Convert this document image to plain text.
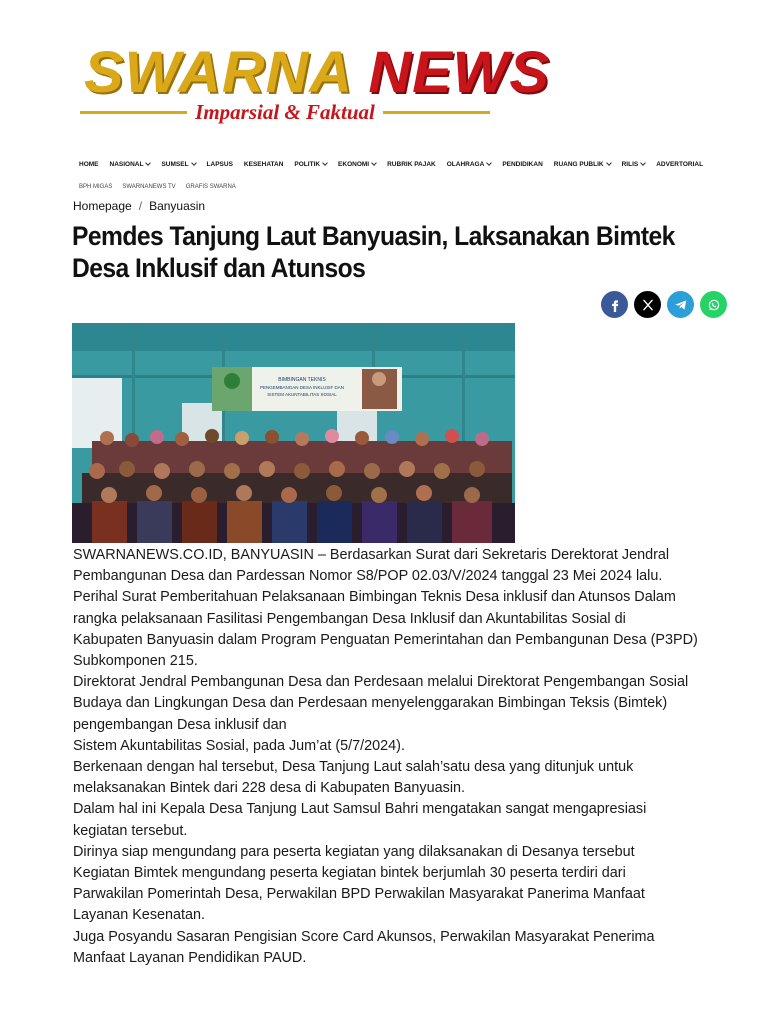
SWARNA NEWS
Imparsial & Faktual
HOME NASIONAL	SUMSEL	LAPSUS KESEHATAN POLITIK	EKONOMI	RUBRIK PAJAK OLAHRAGA	PENDIDIKAN RUANG PUBLIK	RILIS	ADVERTORIAL
BPH MIGAS SWARNANEWS TV GRAFIS SWARNA
Homepage / Banyuasin
Pemdes Tanjung Laut Banyuasin, Laksanakan Bimtek Desa Inklusif dan Atunsos
BIMBINGAN TEKNIS
PENGEMBANGAN DESA INKLUSIF DAN
SISTEM AKUNTABILITAS SOSIAL

SWARNANEWS.CO.ID, BANYUASIN – Berdasarkan Surat dari Sekretaris Derektorat Jendral Pembangunan Desa dan Pardessan Nomor S8/POP 02.03/V/2024 tanggal 23 Mei 2024 lalu. Perihal Surat Pemberitahuan Pelaksanaan Bimbingan Teknis Desa inklusif dan Atunsos Dalam rangka pelaksanaan Fasilitasi Pengembangan Desa Inklusif dan Akuntabilitas Sosial di Kabupaten Banyuasin dalam Program Penguatan Pemerintahan dan Pembangunan Desa (P3PD) Subkomponen 215.

Direktorat Jendral Pembangunan Desa dan Perdesaan melalui Direktorat Pengembangan Sosial Budaya dan Lingkungan Desa dan Perdesaan menyelenggarakan Bimbingan Teksis (Bimtek) pengembangan Desa inklusif dan

Sistem Akuntabilitas Sosial, pada Jum’at (5/7/2024).

Berkenaan dengan hal tersebut, Desa Tanjung Laut salah’satu desa yang ditunjuk untuk melaksanakan Bintek dari 228 desa di Kabupaten Banyuasin.

Dalam hal ini Kepala Desa Tanjung Laut Samsul Bahri mengatakan sangat mengapresiasi kegiatan tersebut.

Dirinya siap mengundang para peserta kegiatan yang dilaksanakan di Desanya tersebut

Kegiatan Bimtek mengundang peserta kegiatan bintek berjumlah 30 peserta terdiri dari Parwakilan Pomerintah Desa, Perwakilan BPD Perwakilan Masyarakat Panerima Manfaat Layanan Kesenatan.

Juga Posyandu Sasaran Pengisian Score Card Akunsos, Perwakilan Masyarakat Penerima Manfaat Layanan Pendidikan PAUD.
